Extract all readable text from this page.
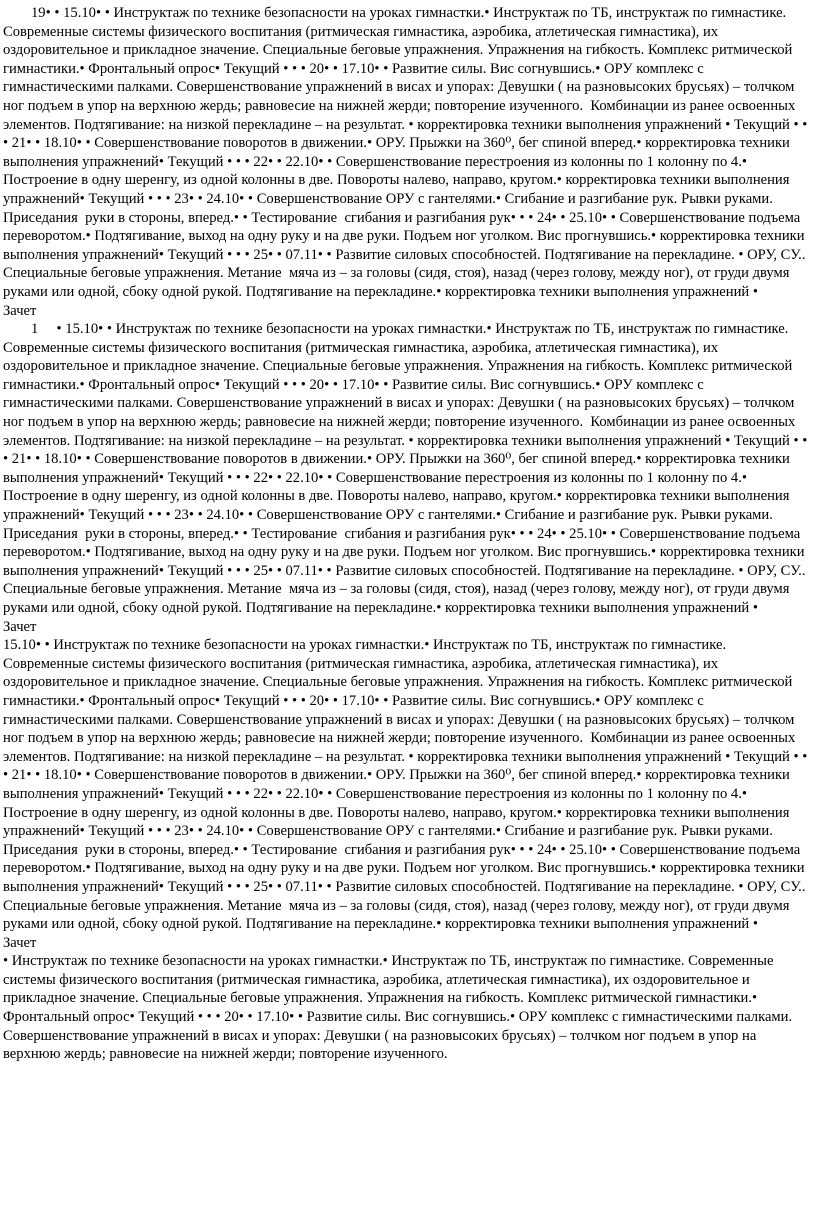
19• • 15.10• • Инструктаж по технике безопасности на уроках гимнастки.• Инструктаж по ТБ, инструктаж по гимнастике. Современные системы физического воспитания (ритмическая гимнастика, аэробика, атлетическая гимнастика), их оздоровительное и прикладное значение. Специальные беговые упражнения. Упражнения на гибкость. Комплекс ритмической гимнастики.• Фронтальный опрос• Текущий • • • 20• • 17.10• • Развитие силы. Вис согнувшись.• ОРУ комплекс с гимнастическими палками. Совершенствование упражнений в висах и упорах: Девушки ( на разновысоких брусьях) – толчком ног подъем в упор на верхнюю жердь; равновесие на нижней жерди; повторение изученного.  Комбинации из ранее освоенных элементов. Подтягивание: на низкой перекладине – на результат. • корректировка техники выполнения упражнений • Текущий • • • 21• • 18.10• • Совершенствование поворотов в движении.• ОРУ. Прыжки на 360⁰, бег спиной вперед.• корректировка техники выполнения упражнений• Текущий • • • 22• • 22.10• • Совершенствование перестроения из колонны по 1 колонну по 4.• Построение в одну шеренгу, из одной колонны в две. Повороты налево, направо, кругом.• корректировка техники выполнения упражнений• Текущий • • • 23• • 24.10• • Совершенствование ОРУ с гантелями.• Сгибание и разгибание рук. Рывки руками. Приседания  руки в стороны, вперед.• • Тестирование  сгибания и разгибания рук• • • 24• • 25.10• • Совершенствование подъема переворотом.• Подтягивание, выход на одну руку и на две руки. Подъем ног уголком. Вис прогнувшись.• корректировка техники выполнения упражнений• Текущий • • • 25• • 07.11• • Развитие силовых способностей. Подтягивание на перекладине. • ОРУ, СУ.. Специальные беговые упражнения. Метание  мяча из – за головы (сидя, стоя), назад (через голову, между ног), от груди двумя руками или одной, сбоку одной рукой. Подтягивание на перекладине.• корректировка техники выполнения упражнений •         Зачет

1     • 15.10• • Инструктаж по технике безопасности на уроках гимнастки.• Инструктаж по ТБ, инструктаж по гимнастике. Современные системы физического воспитания (ритмическая гимнастика, аэробика, атлетическая гимнастика), их оздоровительное и прикладное значение. Специальные беговые упражнения. Упражнения на гибкость. Комплекс ритмической гимнастики.• Фронтальный опрос• Текущий • • • 20• • 17.10• • Развитие силы. Вис согнувшись.• ОРУ комплекс с гимнастическими палками. Совершенствование упражнений в висах и упорах: Девушки ( на разновысоких брусьях) – толчком ног подъем в упор на верхнюю жердь; равновесие на нижней жерди; повторение изученного.  Комбинации из ранее освоенных элементов. Подтягивание: на низкой перекладине – на результат. • корректировка техники выполнения упражнений • Текущий • • • 21• • 18.10• • Совершенствование поворотов в движении.• ОРУ. Прыжки на 360⁰, бег спиной вперед.• корректировка техники выполнения упражнений• Текущий • • • 22• • 22.10• • Совершенствование перестроения из колонны по 1 колонну по 4.• Построение в одну шеренгу, из одной колонны в две. Повороты налево, направо, кругом.• корректировка техники выполнения упражнений• Текущий • • • 23• • 24.10• • Совершенствование ОРУ с гантелями.• Сгибание и разгибание рук. Рывки руками. Приседания  руки в стороны, вперед.• • Тестирование  сгибания и разгибания рук• • • 24• • 25.10• • Совершенствование подъема переворотом.• Подтягивание, выход на одну руку и на две руки. Подъем ног уголком. Вис прогнувшись.• корректировка техники выполнения упражнений• Текущий • • • 25• • 07.11• • Развитие силовых способностей. Подтягивание на перекладине. • ОРУ, СУ.. Специальные беговые упражнения. Метание  мяча из – за головы (сидя, стоя), назад (через голову, между ног), от груди двумя руками или одной, сбоку одной рукой. Подтягивание на перекладине.• корректировка техники выполнения упражнений •         Зачет

15.10• • Инструктаж по технике безопасности на уроках гимнастки.• Инструктаж по ТБ, инструктаж по гимнастике. Современные системы физического воспитания (ритмическая гимнастика, аэробика, атлетическая гимнастика), их оздоровительное и прикладное значение. Специальные беговые упражнения. Упражнения на гибкость. Комплекс ритмической гимнастики.• Фронтальный опрос• Текущий • • • 20• • 17.10• • Развитие силы. Вис согнувшись.• ОРУ комплекс с гимнастическими палками. Совершенствование упражнений в висах и упорах: Девушки ( на разновысоких брусьях) – толчком ног подъем в упор на верхнюю жердь; равновесие на нижней жерди; повторение изученного.  Комбинации из ранее освоенных элементов. Подтягивание: на низкой перекладине – на результат. • корректировка техники выполнения упражнений • Текущий • • • 21• • 18.10• • Совершенствование поворотов в движении.• ОРУ. Прыжки на 360⁰, бег спиной вперед.• корректировка техники выполнения упражнений• Текущий • • • 22• • 22.10• • Совершенствование перестроения из колонны по 1 колонну по 4.• Построение в одну шеренгу, из одной колонны в две. Повороты налево, направо, кругом.• корректировка техники выполнения упражнений• Текущий • • • 23• • 24.10• • Совершенствование ОРУ с гантелями.• Сгибание и разгибание рук. Рывки руками. Приседания  руки в стороны, вперед.• • Тестирование  сгибания и разгибания рук• • • 24• • 25.10• • Совершенствование подъема переворотом.• Подтягивание, выход на одну руку и на две руки. Подъем ног уголком. Вис прогнувшись.• корректировка техники выполнения упражнений• Текущий • • • 25• • 07.11• • Развитие силовых способностей. Подтягивание на перекладине. • ОРУ, СУ.. Специальные беговые упражнения. Метание  мяча из – за головы (сидя, стоя), назад (через голову, между ног), от груди двумя руками или одной, сбоку одной рукой. Подтягивание на перекладине.• корректировка техники выполнения упражнений •         Зачет

• Инструктаж по технике безопасности на уроках гимнастки.• Инструктаж по ТБ, инструктаж по гимнастике. Современные системы физического воспитания (ритмическая гимнастика, аэробика, атлетическая гимнастика), их оздоровительное и прикладное значение. Специальные беговые упражнения. Упражнения на гибкость. Комплекс ритмической гимнастики.• Фронтальный опрос• Текущий • • • 20• • 17.10• • Развитие силы. Вис согнувшись.• ОРУ комплекс с гимнастическими палками. Совершенствование упражнений в висах и упорах: Девушки ( на разновысоких брусьях) – толчком ног подъем в упор на верхнюю жердь; равновесие на нижней жерди; повторение изученного.
